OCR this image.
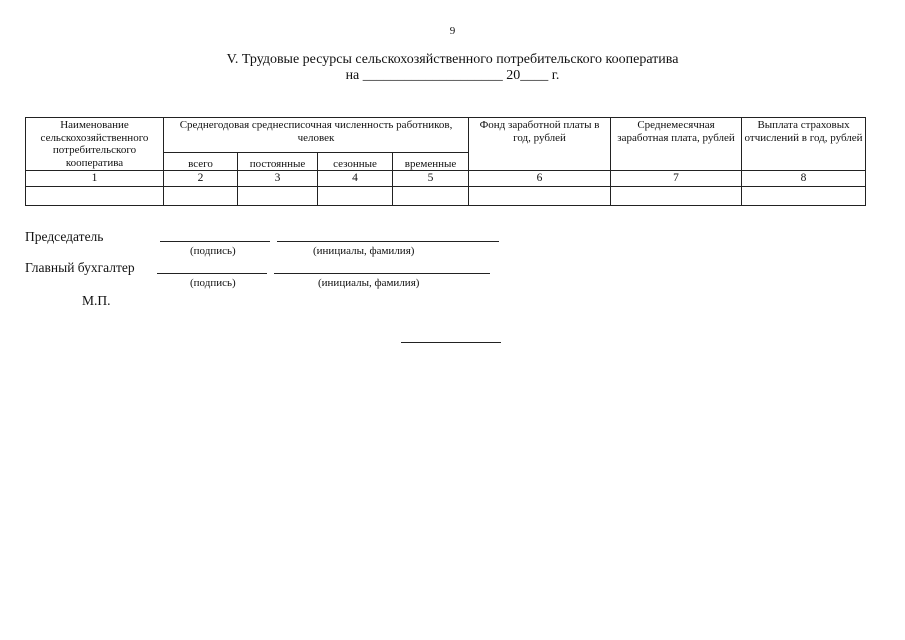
9
V. Трудовые ресурсы сельскохозяйственного потребительского кооператива
на ____________________ 20____ г.
Наименование сельскохозяйственного потребительского кооператива	Среднегодовая среднесписочная численность работников, человек				Фонд заработной платы в год, рублей	Среднемесячная заработная плата, рублей	Выплата страховых отчислений в год, рублей
	всего	постоянные	сезонные	временные			
1	2	3	4	5	6	7	8

Председатель
(подпись)	(инициалы, фамилия)
Главный бухгалтер
(подпись)	(инициалы, фамилия)
М.П.
